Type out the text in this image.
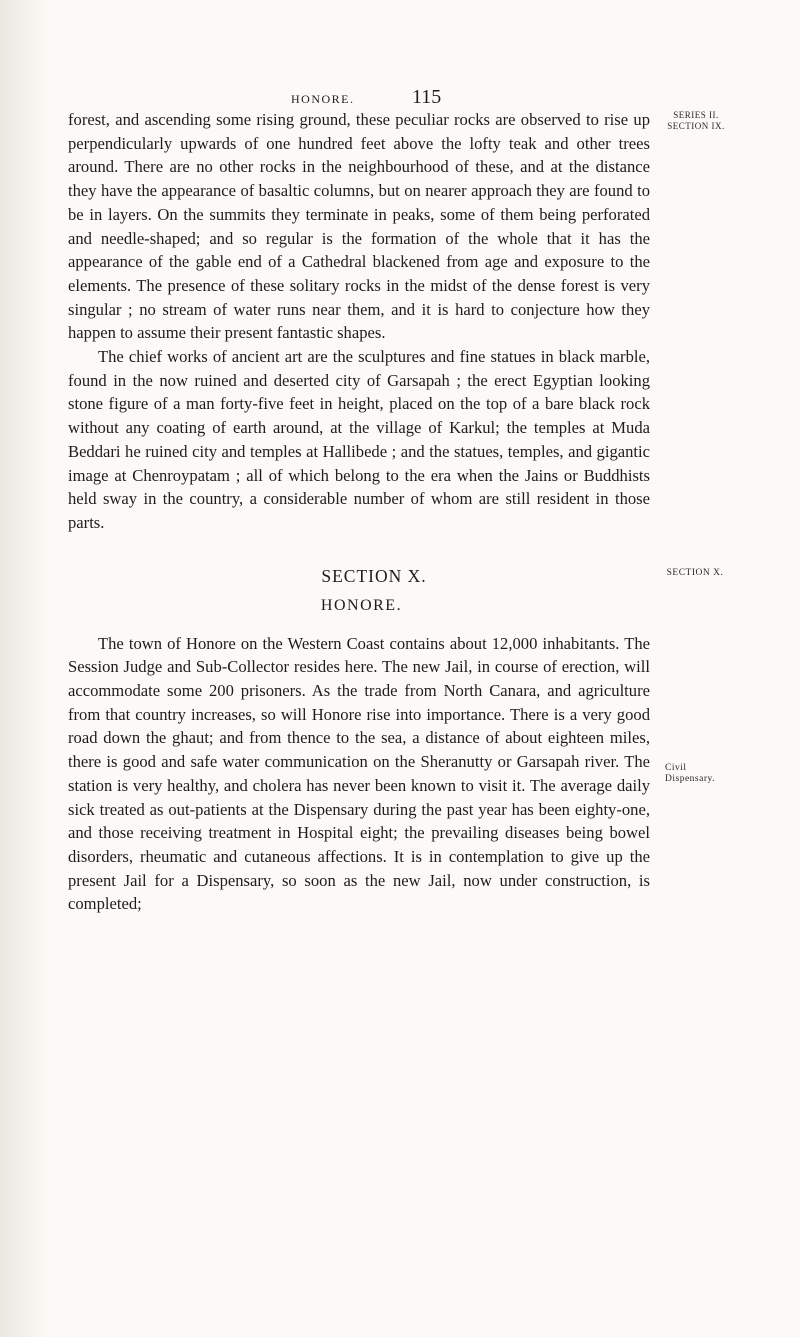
HONORE.	115
SERIES II.
SECTION IX.
SECTION X.
Civil Dispensary.

forest, and ascending some rising ground, these peculiar rocks are observed to rise up perpendicularly upwards of one hundred feet above the lofty teak and other trees around. There are no other rocks in the neighbourhood of these, and at the distance they have the appearance of basaltic columns, but on nearer approach they are found to be in layers. On the summits they terminate in peaks, some of them being perforated and needle-shaped; and so regular is the formation of the whole that it has the appearance of the gable end of a Cathedral blackened from age and exposure to the elements. The presence of these solitary rocks in the midst of the dense forest is very singular ; no stream of water runs near them, and it is hard to conjecture how they happen to assume their present fantastic shapes.

The chief works of ancient art are the sculptures and fine statues in black marble, found in the now ruined and deserted city of Garsapah ; the erect Egyptian looking stone figure of a man forty-five feet in height, placed on the top of a bare black rock without any coating of earth around, at the village of Karkul; the temples at Muda Beddari he ruined city and temples at Hallibede ; and the statues, temples, and gigantic image at Chenroypatam ; all of which belong to the era when the Jains or Buddhists held sway in the country, a considerable number of whom are still resident in those parts.

SECTION X.
HONORE.

The town of Honore on the Western Coast contains about 12,000 inhabitants. The Session Judge and Sub-Collector resides here. The new Jail, in course of erection, will accommodate some 200 prisoners. As the trade from North Canara, and agriculture from that country increases, so will Honore rise into importance. There is a very good road down the ghaut; and from thence to the sea, a distance of about eighteen miles, there is good and safe water communication on the Sheranutty or Garsapah river. The station is very healthy, and cholera has never been known to visit it. The average daily sick treated as out-patients at the Dispensary during the past year has been eighty-one, and those receiving treatment in Hospital eight; the prevailing diseases being bowel disorders, rheumatic and cutaneous affections. It is in contemplation to give up the present Jail for a Dispensary, so soon as the new Jail, now under construction, is completed;
